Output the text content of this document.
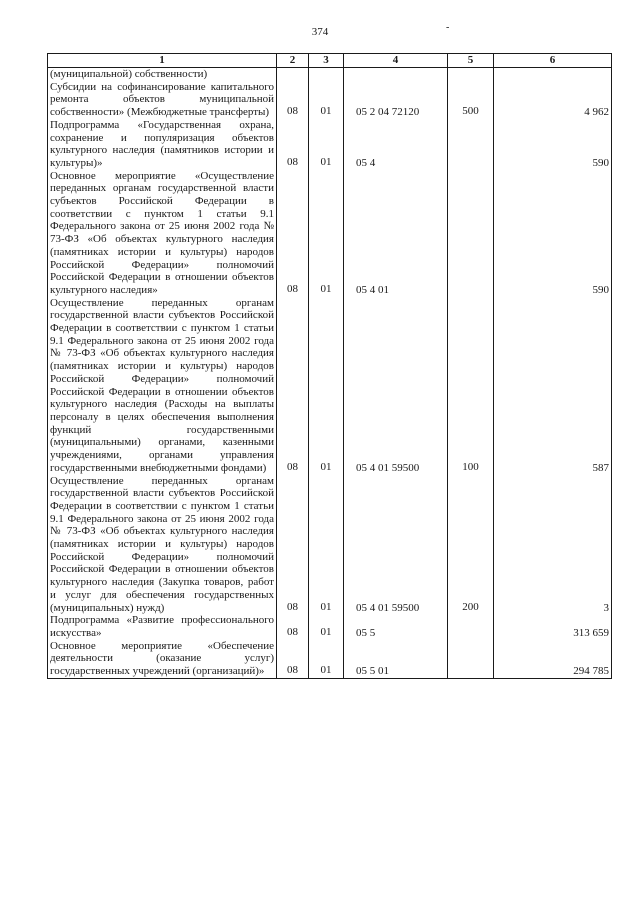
374	-
1	2	3	4	5	6
(муниципальной) собственности)					
Субсидии на софинансирование капитального ремонта объектов муниципальной собственности» (Межбюджетные трансферты)	08	01	05 2 04 72120	500	4 962
Подпрограмма «Государственная охрана, сохранение и популяризация объектов культурного наследия (памятников истории и культуры)»	08	01	05 4		590
Основное мероприятие «Осуществление переданных органам государственной власти субъектов Российской Федерации в соответствии с пунктом 1 статьи 9.1 Федерального закона от 25 июня 2002 года № 73-ФЗ «Об объектах культурного наследия (памятниках истории и культуры) народов Российской Федерации» полномочий Российской Федерации в отношении объектов культурного наследия»	08	01	05 4 01		590
Осуществление переданных органам государственной власти субъектов Российской Федерации в соответствии с пунктом 1 статьи 9.1 Федерального закона от 25 июня 2002 года № 73-ФЗ «Об объектах культурного наследия (памятниках истории и культуры) народов Российской Федерации» полномочий Российской Федерации в отношении объектов культурного наследия (Расходы на выплаты персоналу в целях обеспечения выполнения функций государственными (муниципальными) органами, казенными учреждениями, органами управления государственными внебюджетными фондами)	08	01	05 4 01 59500	100	587
Осуществление переданных органам государственной власти субъектов Российской Федерации в соответствии с пунктом 1 статьи 9.1 Федерального закона от 25 июня 2002 года № 73-ФЗ «Об объектах культурного наследия (памятниках истории и культуры) народов Российской Федерации» полномочий Российской Федерации в отношении объектов культурного наследия (Закупка товаров, работ и услуг для обеспечения государственных (муниципальных) нужд)	08	01	05 4 01 59500	200	3
Подпрограмма «Развитие профессионального искусства»	08	01	05 5		313 659
Основное мероприятие «Обеспечение деятельности (оказание услуг) государственных учреждений (организаций)»	08	01	05 5 01		294 785
